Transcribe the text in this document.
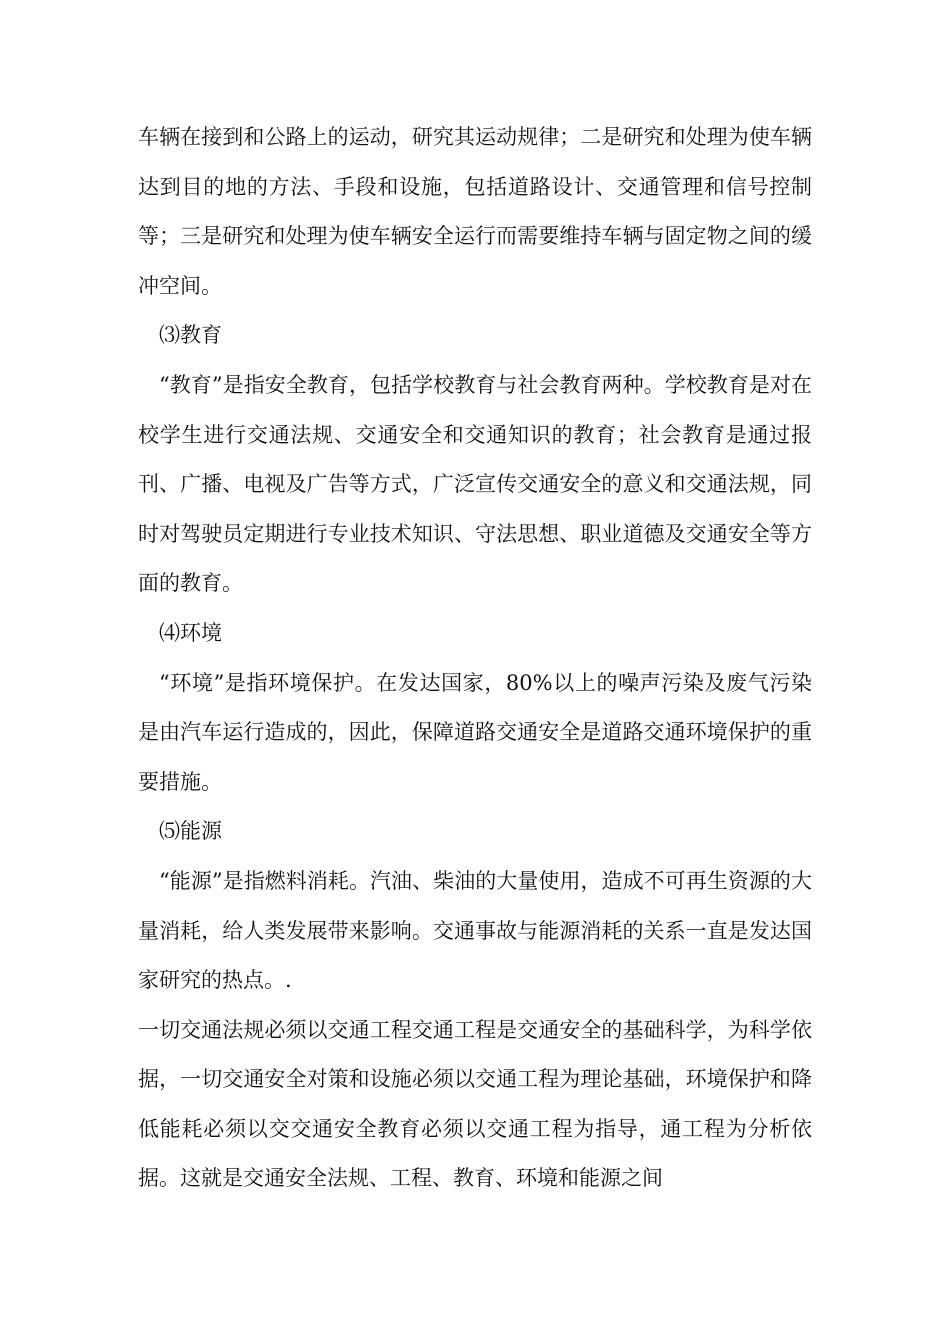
车辆在接到和公路上的运动，研究其运动规律；二是研究和处理为使车辆达到目的地的方法、手段和设施，包括道路设计、交通管理和信号控制等；三是研究和处理为使车辆安全运行而需要维持车辆与固定物之间的缓冲空间。

⑶教育

“教育”是指安全教育，包括学校教育与社会教育两种。学校教育是对在校学生进行交通法规、交通安全和交通知识的教育；社会教育是通过报刊、广播、电视及广告等方式，广泛宣传交通安全的意义和交通法规，同时对驾驶员定期进行专业技术知识、守法思想、职业道德及交通安全等方面的教育。

⑷环境

“环境”是指环境保护。在发达国家，80%以上的噪声污染及废气污染是由汽车运行造成的，因此，保障道路交通安全是道路交通环境保护的重要措施。

⑸能源

“能源”是指燃料消耗。汽油、柴油的大量使用，造成不可再生资源的大量消耗，给人类发展带来影响。交通事故与能源消耗的关系一直是发达国家研究的热点。.

一切交通法规必须以交通工程交通工程是交通安全的基础科学，为科学依据，一切交通安全对策和设施必须以交通工程为理论基础，环境保护和降低能耗必须以交交通安全教育必须以交通工程为指导，通工程为分析依据。这就是交通安全法规、工程、教育、环境和能源之间
